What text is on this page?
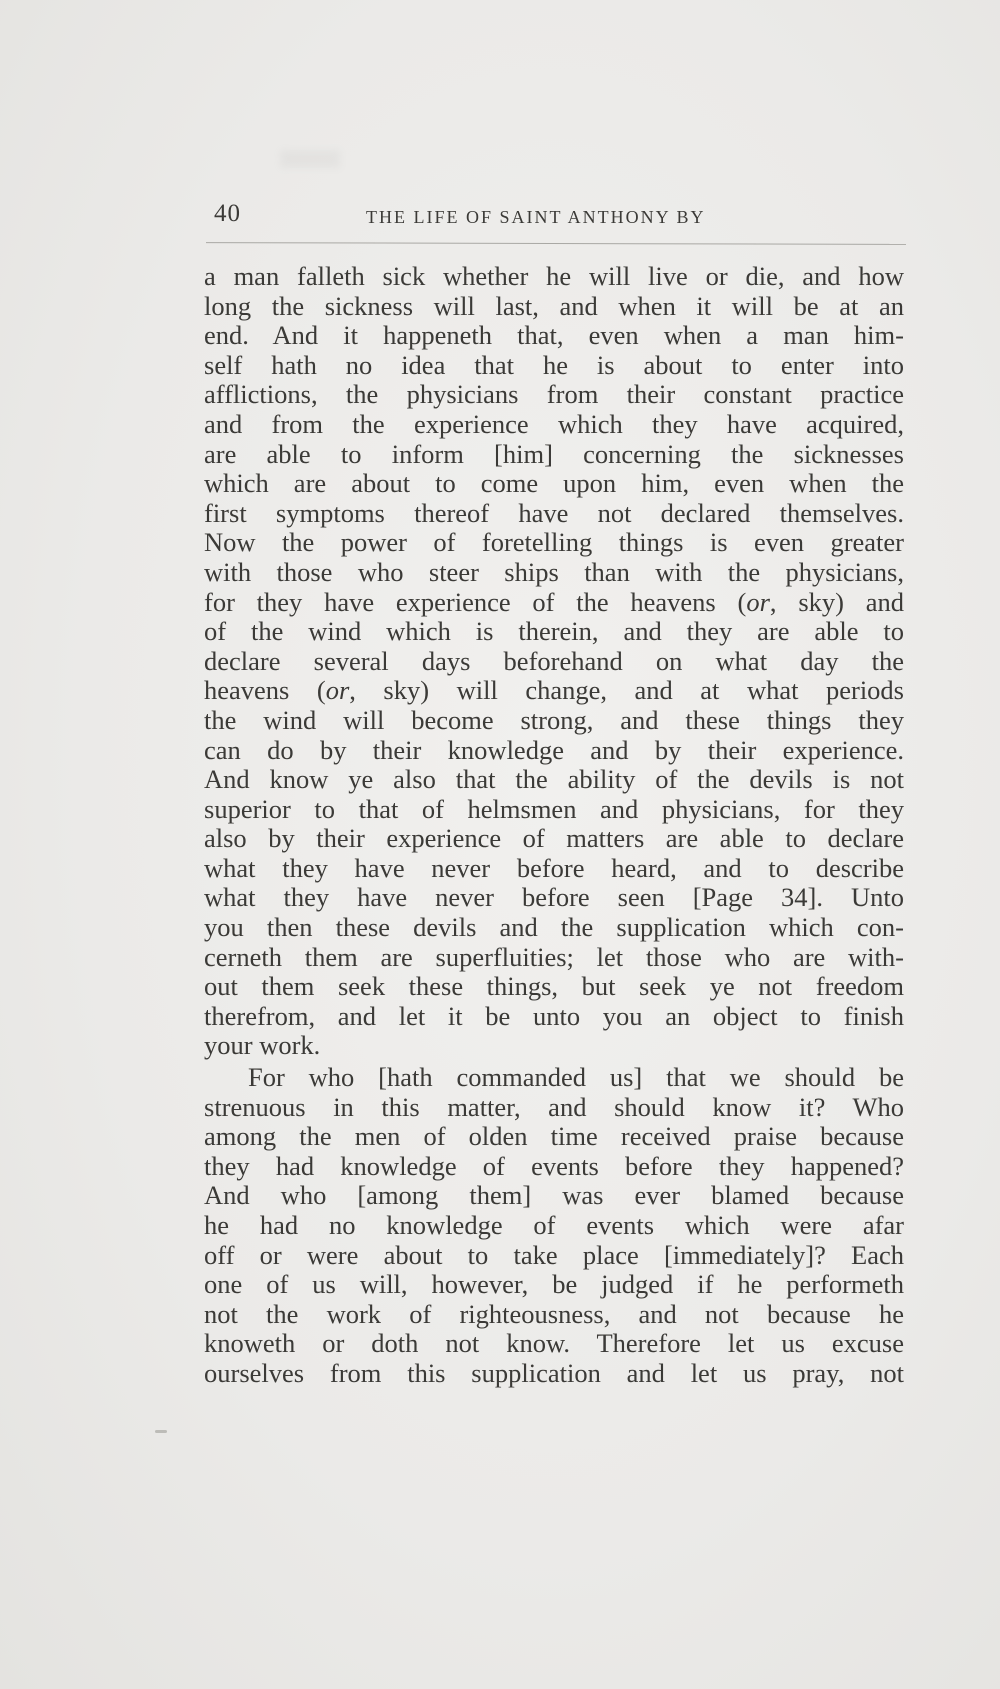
40	THE LIFE OF SAINT ANTHONY BY
a man falleth sick whether he will live or die, and how
long the sickness will last, and when it will be at an
end. And it happeneth that, even when a man him-
self hath no idea that he is about to enter into
afflictions, the physicians from their constant practice
and from the experience which they have acquired,
are able to inform [him] concerning the sicknesses
which are about to come upon him, even when the
first symptoms thereof have not declared themselves.
Now the power of foretelling things is even greater
with those who steer ships than with the physicians,
for they have experience of the heavens (or, sky) and
of the wind which is therein, and they are able to
declare several days beforehand on what day the
heavens (or, sky) will change, and at what periods
the wind will become strong, and these things they
can do by their knowledge and by their experience.
And know ye also that the ability of the devils is not
superior to that of helmsmen and physicians, for they
also by their experience of matters are able to declare
what they have never before heard, and to describe
what they have never before seen [Page 34]. Unto
you then these devils and the supplication which con-
cerneth them are superfluities; let those who are with-
out them seek these things, but seek ye not freedom
therefrom, and let it be unto you an object to finish
your work.
For who [hath commanded us] that we should be
strenuous in this matter, and should know it? Who
among the men of olden time received praise because
they had knowledge of events before they happened?
And who [among them] was ever blamed because
he had no knowledge of events which were afar
off or were about to take place [immediately]? Each
one of us will, however, be judged if he performeth
not the work of righteousness, and not because he
knoweth or doth not know. Therefore let us excuse
ourselves from this supplication and let us pray, not
